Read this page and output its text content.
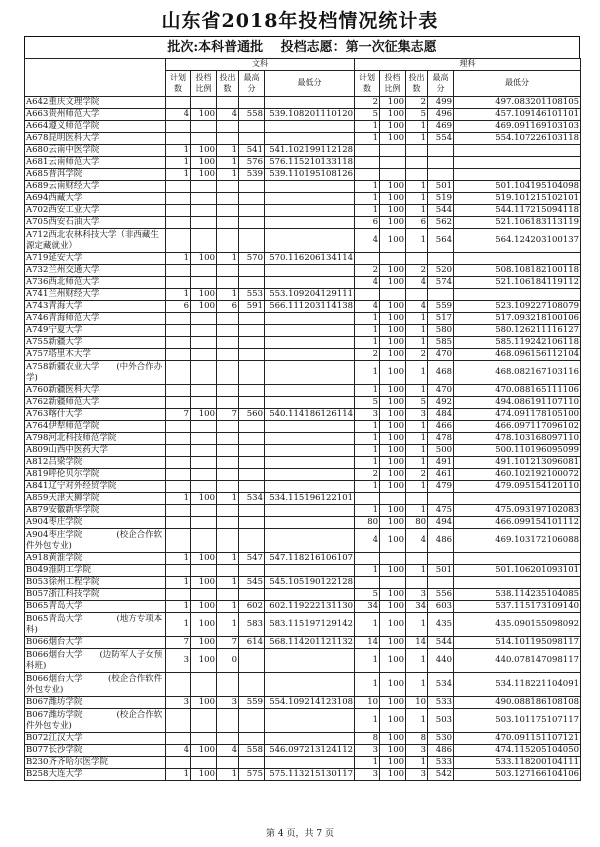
山东省2018年投档情况统计表
批次:本科普通批　 投档志愿：第一次征集志愿
	文科					理科				
	计划数	投档比例	投出数	最高分	最低分	计划数	投档比例	投出数	最高分	最低分
A642重庆文理学院						2	100	2	499	497.083201108105
A663贵州师范大学	4	100	4	558	539.108201110120	5	100	5	496	457.109146101101
A664遵义师范学院						1	100	1	469	469.091169103103
A678昆明医科大学						1	100	1	554	554.107226103118
A680云南中医学院	1	100	1	541	541.102199112128					
A681云南师范大学	1	100	1	576	576.115210133118					
A685普洱学院	1	100	1	539	539.110195108126					
A689云南财经大学						1	100	1	501	501.104195104098
A694西藏大学						1	100	1	519	519.101215102101
A702西安工业大学						1	100	1	544	544.117215094118
A705西安石油大学						6	100	6	562	521.106183113119
A712西北农林科技大学（非西藏生源定藏就业）						4	100	1	564	564.124203100137
A719延安大学	1	100	1	570	570.116206134114					
A732兰州交通大学						2	100	2	520	508.108182100118
A736西北师范大学						4	100	4	574	521.106184119112
A741兰州财经大学	1	100	1	553	553.109204129111					
A743青海大学	6	100	6	591	566.111203114138	4	100	4	559	523.109227108079
A746青海师范大学						1	100	1	517	517.093218100106
A749宁夏大学						1	100	1	580	580.126211116127
A755新疆大学						1	100	1	585	585.119242106118
A757塔里木大学						2	100	2	470	468.096156112104
A758新疆农业大学　　(中外合作办学)						1	100	1	468	468.082167103116
A760新疆医科大学						1	100	1	470	470.088165111106
A762新疆师范大学						5	100	5	492	494.086191107110
A763喀什大学	7	100	7	560	540.114186126114	3	100	3	484	474.091178105100
A764伊犁师范学院						1	100	1	466	466.097117096102
A798河北科技师范学院						1	100	1	478	478.103168097110
A809山西中医药大学						1	100	1	500	500.110196095099
A812吕梁学院						1	100	1	491	491.101213096081
A819呼伦贝尔学院						2	100	2	461	460.102192100072
A841辽宁对外经贸学院						1	100	1	479	479.095154120110
A859天津天狮学院	1	100	1	534	534.115196122101					
A879安徽新华学院						1	100	1	475	475.093197102083
A904枣庄学院						80	100	80	494	466.099154101112
A904枣庄学院　　　　(校企合作软件外包专业)						4	100	4	486	469.103172106088
A918黄淮学院	1	100	1	547	547.118216106107					
B049淮阴工学院						1	100	1	501	501.106201093101
B053徐州工程学院	1	100	1	545	545.105190122128					
B057浙江科技学院						5	100	3	556	538.114235104085
B065青岛大学	1	100	1	602	602.119222131130	34	100	34	603	537.115173109140
B065青岛大学　　　　(地方专项本科)	1	100	1	583	583.115197129142	1	100	1	435	435.090155098092
B066烟台大学	7	100	7	614	568.114201121132	14	100	14	544	514.101195098117
B066烟台大学　　(边防军人子女预科班)	3	100	0			1	100	1	440	440.078147098117
B066烟台大学　　　(校企合作软件外包专业)						1	100	1	534	534.118221104091
B067潍坊学院	3	100	3	559	554.109214123108	10	100	10	533	490.088186108108
B067潍坊学院　　　　(校企合作软件外包专业)						1	100	1	503	503.101175107117
B072江汉大学						8	100	8	530	470.091151107121
B077长沙学院	4	100	4	558	546.097213124112	3	100	3	486	474.115205104050
B230齐齐哈尔医学院						1	100	1	533	533.118200104111
B258大连大学	1	100	1	575	575.113215130117	3	100	3	542	503.127166104106
第 4 页，共 7 页
